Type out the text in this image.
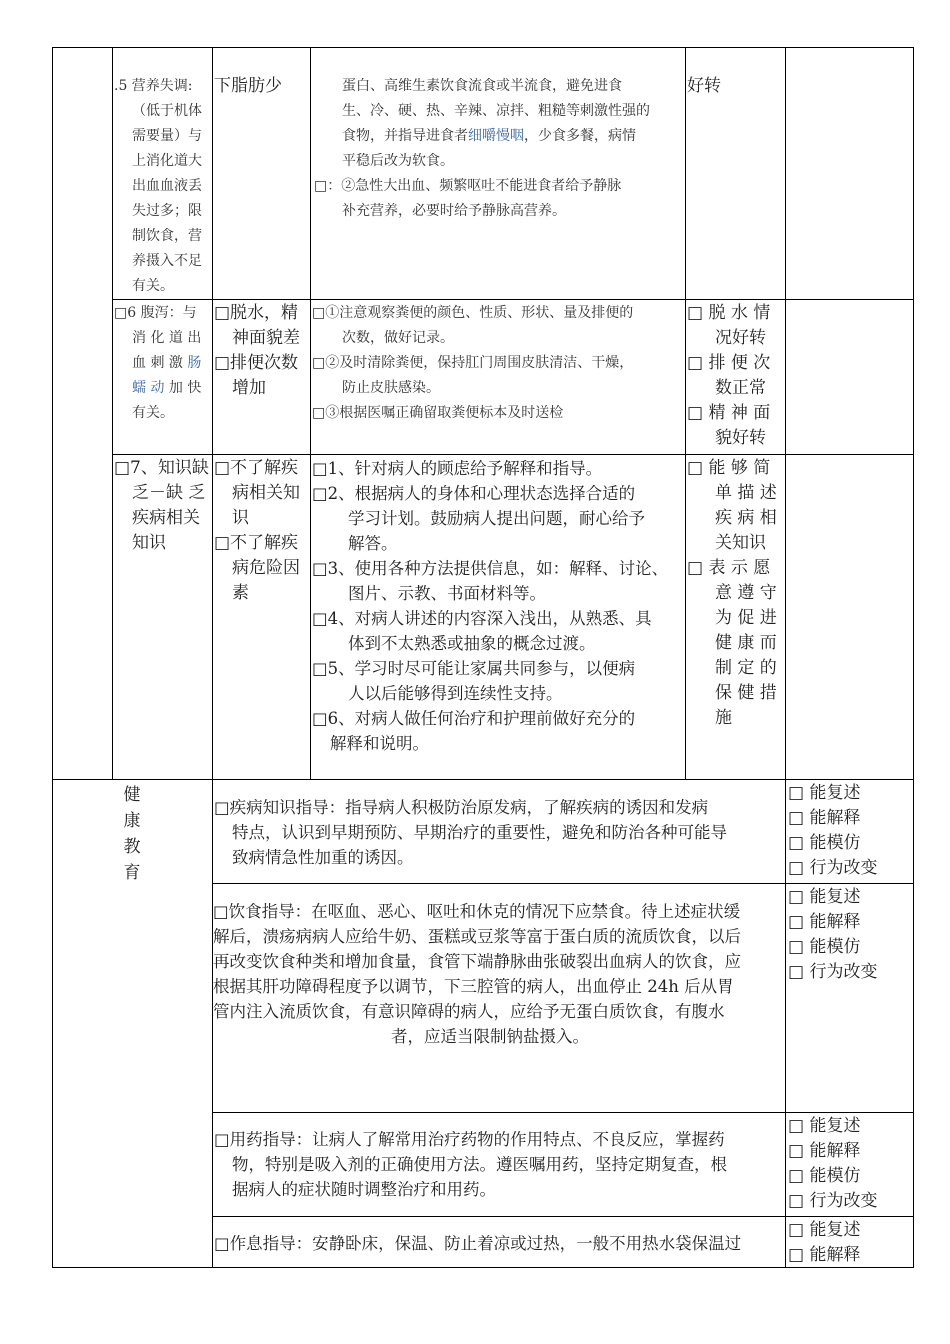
.5 营养失调:
（低于机体
需要量）与
上消化道大
出血血液丢
失过多；限
制饮食，营
养摄入不足
有关。
下脂肪少	蛋白、高维生素饮食流食或半流食，避免进食
生、冷、硬、热、辛辣、凉拌、粗糙等刺激性强的
食物，并指导进食者细嚼慢咽，少食多餐，病情
平稳后改为软食。
□：②急性大出血、频繁呕吐不能进食者给予静脉
补充营养，必要时给予静脉高营养。
好转
□6 腹泻：与
消 化 道 出
血 刺 激 肠
蠕 动 加 快
有关。
□脱水，精
神面貌差
□排便次数
增加
□①注意观察粪便的颜色、性质、形状、量及排便的
次数，做好记录。
□②及时清除粪便，保持肛门周围皮肤清洁、干燥，
防止皮肤感染。
□③根据医嘱正确留取粪便标本及时送检
□ 脱 水 情
况好转
□ 排 便 次
数正常
□ 精 神 面
貌好转
□7、知识缺
乏－缺 乏
疾病相关
知识
□不了解疾
病相关知
识
□不了解疾
病危险因
素
□1、针对病人的顾虑给予解释和指导。
□2、根据病人的身体和心理状态选择合适的
学习计划。鼓励病人提出问题，耐心给予
解答。
□3、使用各种方法提供信息，如：解释、讨论、
图片、示教、书面材料等。
□4、对病人讲述的内容深入浅出，从熟悉、具
体到不太熟悉或抽象的概念过渡。
□5、学习时尽可能让家属共同参与，以便病
人以后能够得到连续性支持。
□6、对病人做任何治疗和护理前做好充分的
解释和说明。
□ 能 够 简
单 描 述
疾 病 相
关知识
□ 表 示 愿
意 遵 守
为 促 进
健 康 而
制 定 的
保 健 措
施
健
康
教
育
□疾病知识指导：指导病人积极防治原发病，了解疾病的诱因和发病
特点，认识到早期预防、早期治疗的重要性，避免和防治各种可能导
致病情急性加重的诱因。
□ 能复述
□ 能解释
□ 能模仿
□ 行为改变
□饮食指导：在呕血、恶心、呕吐和休克的情况下应禁食。待上述症状缓
解后，溃疡病病人应给牛奶、蛋糕或豆浆等富于蛋白质的流质饮食，以后
再改变饮食种类和增加食量，食管下端静脉曲张破裂出血病人的饮食，应
根据其肝功障碍程度予以调节，下三腔管的病人，出血停止 24h 后从胃
管内注入流质饮食，有意识障碍的病人，应给予无蛋白质饮食，有腹水
者，应适当限制钠盐摄入。
□ 能复述
□ 能解释
□ 能模仿
□ 行为改变
□用药指导：让病人了解常用治疗药物的作用特点、不良反应，掌握药
物，特别是吸入剂的正确使用方法。遵医嘱用药，坚持定期复查，根
据病人的症状随时调整治疗和用药。
□ 能复述
□ 能解释
□ 能模仿
□ 行为改变
□作息指导：安静卧床，保温、防止着凉或过热，一般不用热水袋保温过
□ 能复述
□ 能解释
